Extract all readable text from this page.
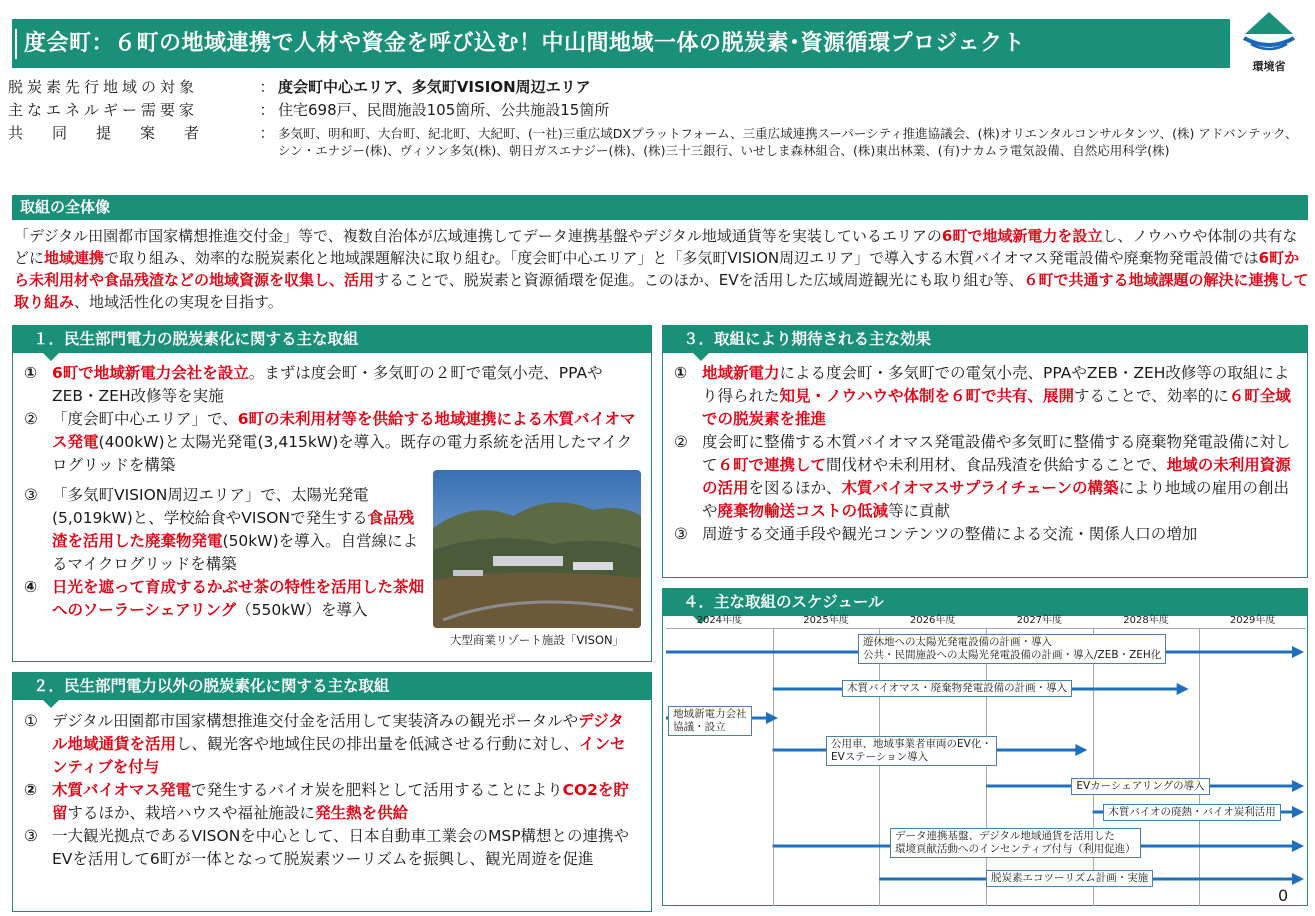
度会町：６町の地域連携で人材や資金を呼び込む！中山間地域一体の脱炭素･資源循環プロジェクト
環境省
脱炭素先行地域の対象	： 度会町中心エリア、多気町VISION周辺エリア
主なエネルギー需要家	： 住宅698戸、民間施設105箇所、公共施設15箇所
共同提案者	： 多気町、明和町、大台町、紀北町、大紀町、(一社)三重広域DXプラットフォーム、三重広域連携スーパーシティ推進協議会、(株)オリエンタルコンサルタンツ、(株) アドバンテック、シン・エナジー(株)、ヴィソン多気(株)、朝日ガスエナジー(株)、(株)三十三銀行、いせしま森林組合、(株)東出林業、(有)ナカムラ電気設備、自然応用科学(株)
取組の全体像
「デジタル田園都市国家構想推進交付金」等で、複数自治体が広域連携してデータ連携基盤やデジタル地域通貨等を実装しているエリアの6町で地域新電力を設立し、ノウハウや体制の共有などに地域連携で取り組み、効率的な脱炭素化と地域課題解決に取り組む。「度会町中心エリア」と「多気町VISION周辺エリア」で導入する木質バイオマス発電設備や廃棄物発電設備では6町から未利用材や食品残渣などの地域資源を収集し、活用することで、脱炭素と資源循環を促進。このほか、EVを活用した広域周遊観光にも取り組む等、６町で共通する地域課題の解決に連携して取り組み、地域活性化の実現を目指す。
１．民生部門電力の脱炭素化に関する主な取組
① 6町で地域新電力会社を設立。まずは度会町・多気町の２町で電気小売、PPAやZEB・ZEH改修等を実施
② 「度会町中心エリア」で、6町の未利用材等を供給する地域連携による木質バイオマス発電(400kW)と太陽光発電(3,415kW)を導入。既存の電力系統を活用したマイクログリッドを構築
③ 「多気町VISION周辺エリア」で、太陽光発電(5,019kW)と、学校給食やVISONで発生する食品残渣を活用した廃棄物発電(50kW)を導入。自営線によるマイクログリッドを構築
④ 日光を遮って育成するかぶせ茶の特性を活用した茶畑へのソーラーシェアリング（550kW）を導入
大型商業リゾート施設「VISON」
２．民生部門電力以外の脱炭素化に関する主な取組
① デジタル田園都市国家構想推進交付金を活用して実装済みの観光ポータルやデジタル地域通貨を活用し、観光客や地域住民の排出量を低減させる行動に対し、インセンティブを付与
② 木質バイオマス発電で発生するバイオ炭を肥料として活用することによりCO2を貯留するほか、栽培ハウスや福祉施設に発生熱を供給
③ 一大観光拠点であるVISONを中心として、日本自動車工業会のMSP構想との連携やEVを活用して6町が一体となって脱炭素ツーリズムを振興し、観光周遊を促進
３．取組により期待される主な効果
① 地域新電力による度会町・多気町での電気小売、PPAやZEB・ZEH改修等の取組により得られた知見・ノウハウや体制を６町で共有、展開することで、効率的に６町全域での脱炭素を推進
② 度会町に整備する木質バイオマス発電設備や多気町に整備する廃棄物発電設備に対して６町で連携して間伐材や未利用材、食品残渣を供給することで、地域の未利用資源の活用を図るほか、木質バイオマスサプライチェーンの構築により地域の雇用の創出や廃棄物輸送コストの低減等に貢献
③ 周遊する交通手段や観光コンテンツの整備による交流・関係人口の増加
４．主な取組のスケジュール
2024年度	2025年度	2026年度	2027年度	2028年度	2029年度
遊休地への太陽光発電設備の計画・導入
公共・民間施設への太陽光発電設備の計画・導入/ZEB・ZEH化
木質バイオマス・廃棄物発電設備の計画・導入
地域新電力会社
協議・設立
公用車、地域事業者車両のEV化・
EVステーション導入
EVカーシェアリングの導入
木質バイオの廃熱・バイオ炭利活用
データ連携基盤、デジタル地域通貨を活用した
環境貢献活動へのインセンティブ付与（利用促進）
脱炭素エコツーリズム計画・実施
0
